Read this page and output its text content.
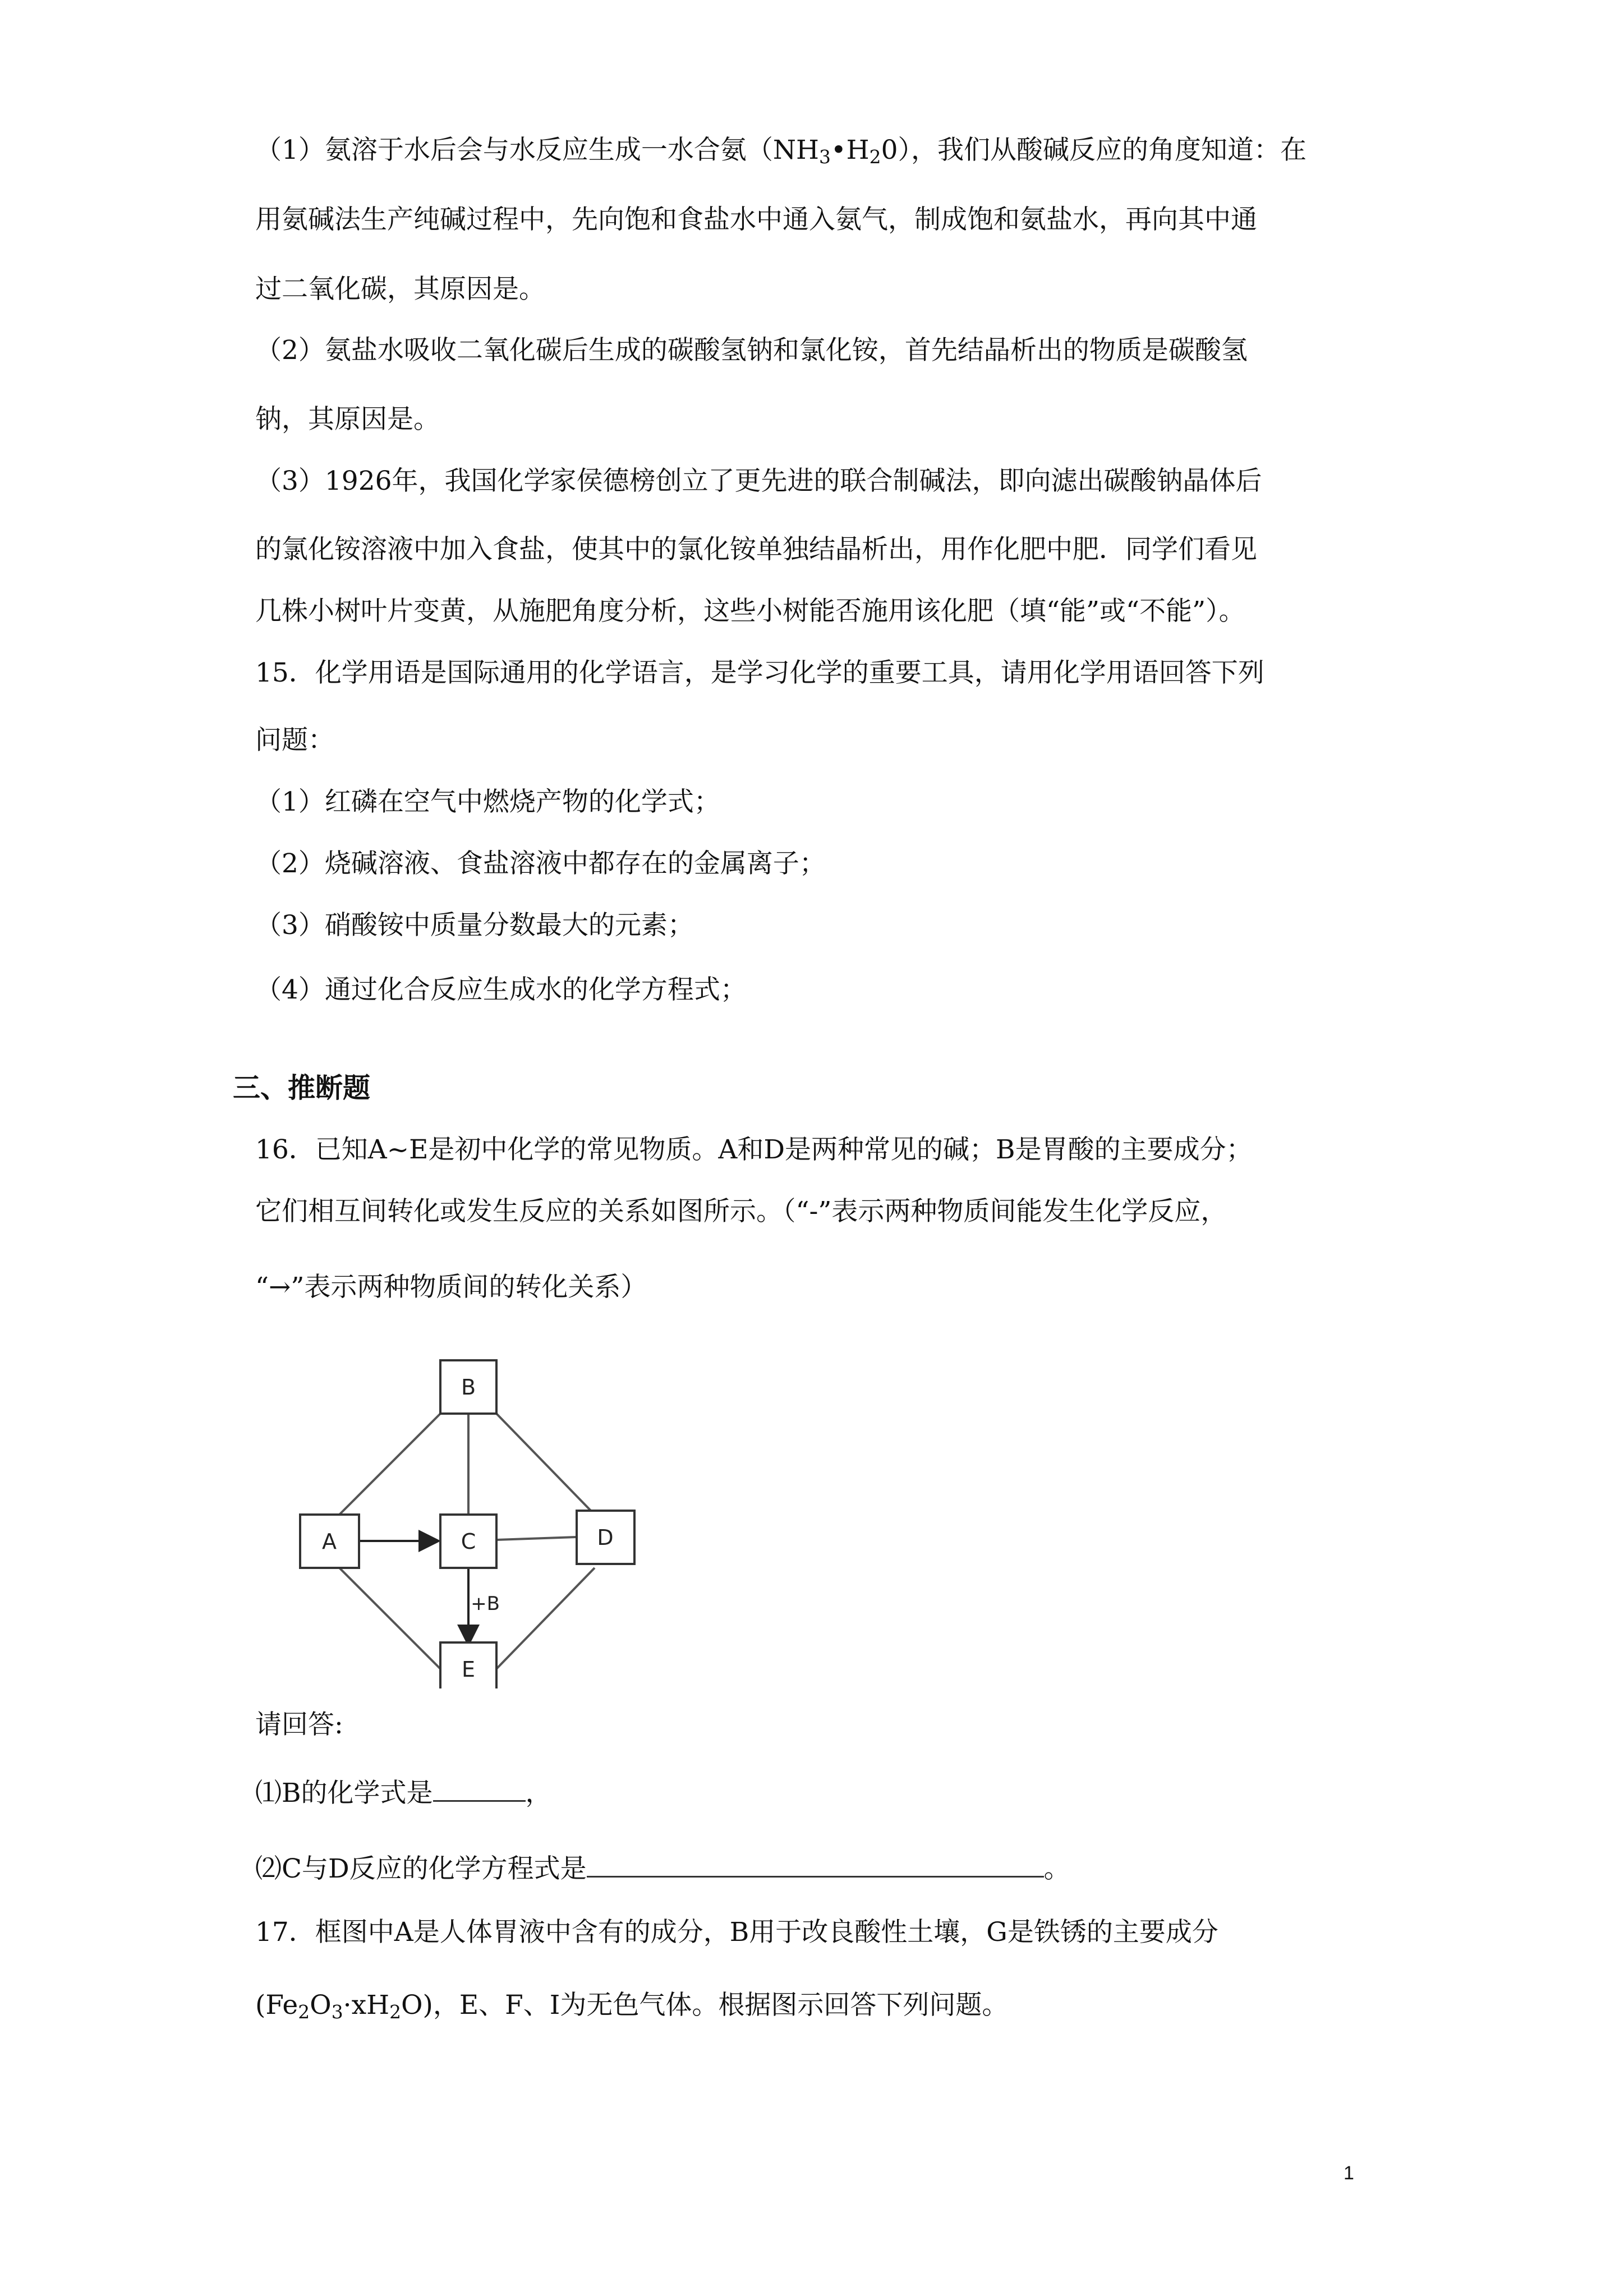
（1）氨溶于水后会与水反应生成一水合氨$(NH_3•H_20)$，我们从酸碱反应的角度知道：在
用氨碱法生产纯碱过程中，先向饱和食盐水中通入氨气，制成饱和氨盐水，再向其中通
过二氧化碳，其原因是。
（2）氨盐水吸收二氧化碳后生成的碳酸氢钠和氯化铵，首先结晶析出的物质是碳酸氢
钠，其原因是。
（3）1926年，我国化学家侯德榜创立了更先进的联合制碱法，即向滤出碳酸钠晶体后
的氯化铵溶液中加入食盐，使其中的氯化铵单独结晶析出，用作化肥中肥．同学们看见
几株小树叶片变黄，从施肥角度分析，这些小树能否施用该化肥（填“能”或“不能”）。
15．化学用语是国际通用的化学语言，是学习化学的重要工具，请用化学用语回答下列
问题：
（1）红磷在空气中燃烧产物的化学式；
（2）烧碱溶液、食盐溶液中都存在的金属离子；
（3）硝酸铵中质量分数最大的元素；
（4）通过化合反应生成水的化学方程式；
三、推断题
16．已知A~E是初中化学的常见物质。A和D是两种常见的碱；B是胃酸的主要成分；
它们相互间转化或发生反应的关系如图所示。（“-”表示两种物质间能发生化学反应，
“→”表示两种物质间的转化关系）
B
A	C	D
E
+B
请回答:
⑴B的化学式是	，
⑵C与D反应的化学方程式是	。
17．框图中A是人体胃液中含有的成分，B用于改良酸性土壤，G是铁锈的主要成分
$(Fe_2O_3\cdot xH_2O)$，E、F、I为无色气体。根据图示回答下列问题。
1
